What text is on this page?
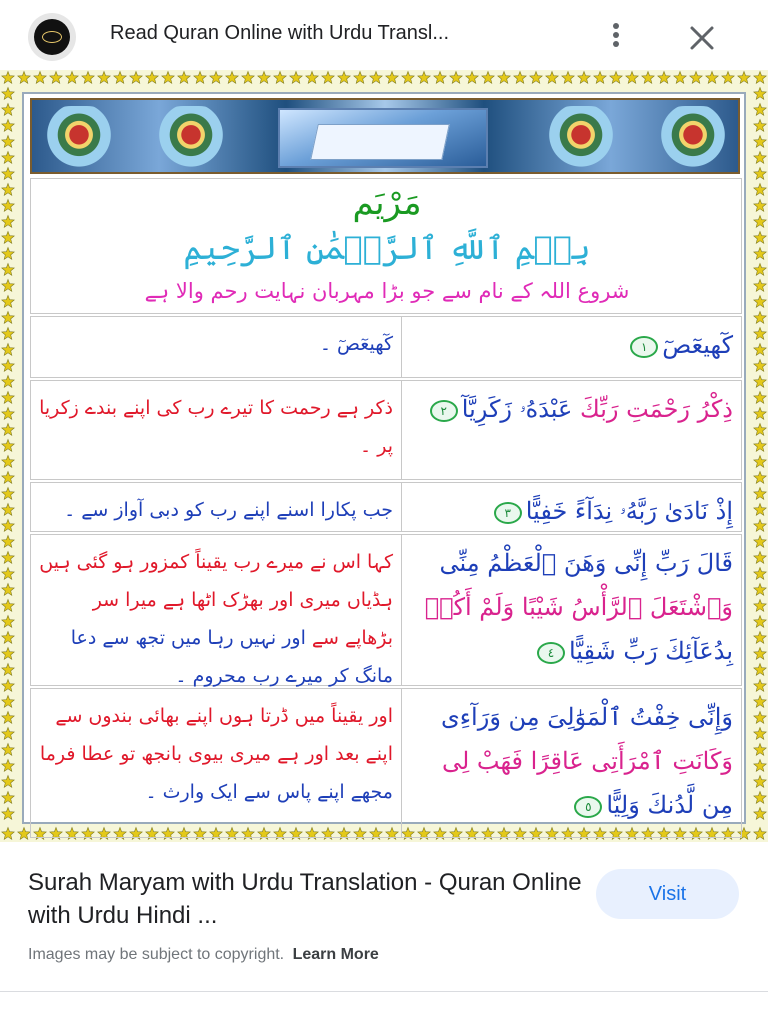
Read Quran Online with Urdu Transl...
مَرْيَم
بِسۡمِ ٱللَّهِ ٱلرَّحۡمَٰنِ ٱلرَّحِيمِ
شروع اللہ کے نام سے جو بڑا مہربان نہایت رحم والا ہے
كٓهيعٓصٓ ۔	كٓهيعٓصٓ١
ذکر ہے رحمت کا تیرے رب کی اپنے بندے زکریا پر ۔
ذِكْرُ رَحْمَتِ رَبِّكَ عَبْدَهُۥ زَكَرِيَّآ٢
جب پکارا اسنے اپنے رب کو دبی آواز سے ۔	إِذْ نَادَىٰ رَبَّهُۥ نِدَآءً خَفِيًّا٣
کہا اس نے میرے رب یقیناً کمزور ہو گئی ہیں ہڈیاں میری اور بھڑک اٹھا ہے میرا سر بڑھاپے سے اور نہیں رہا میں تجھ سے دعا مانگ کر میرے رب محروم ۔
قَالَ رَبِّ إِنِّى وَهَنَ ٱلْعَظْمُ مِنِّى وَٱشْتَعَلَ ٱلرَّأْسُ شَيْبًا وَلَمْ أَكُنۢ بِدُعَآئِكَ رَبِّ شَقِيًّا٤
اور یقیناً میں ڈرتا ہوں اپنے بھائی بندوں سے اپنے بعد اور ہے میری بیوی بانجھ تو عطا فرما مجھے اپنے پاس سے ایک وارث ۔
وَإِنِّى خِفْتُ ٱلْمَوَٰلِىَ مِن وَرَآءِى وَكَانَتِ ٱمْرَأَتِى عَاقِرًا فَهَبْ لِى مِن لَّدُنكَ وَلِيًّا٥
Surah Maryam with Urdu Translation - Quran Online with Urdu Hindi ...
Visit
Images may be subject to copyright. Learn More
